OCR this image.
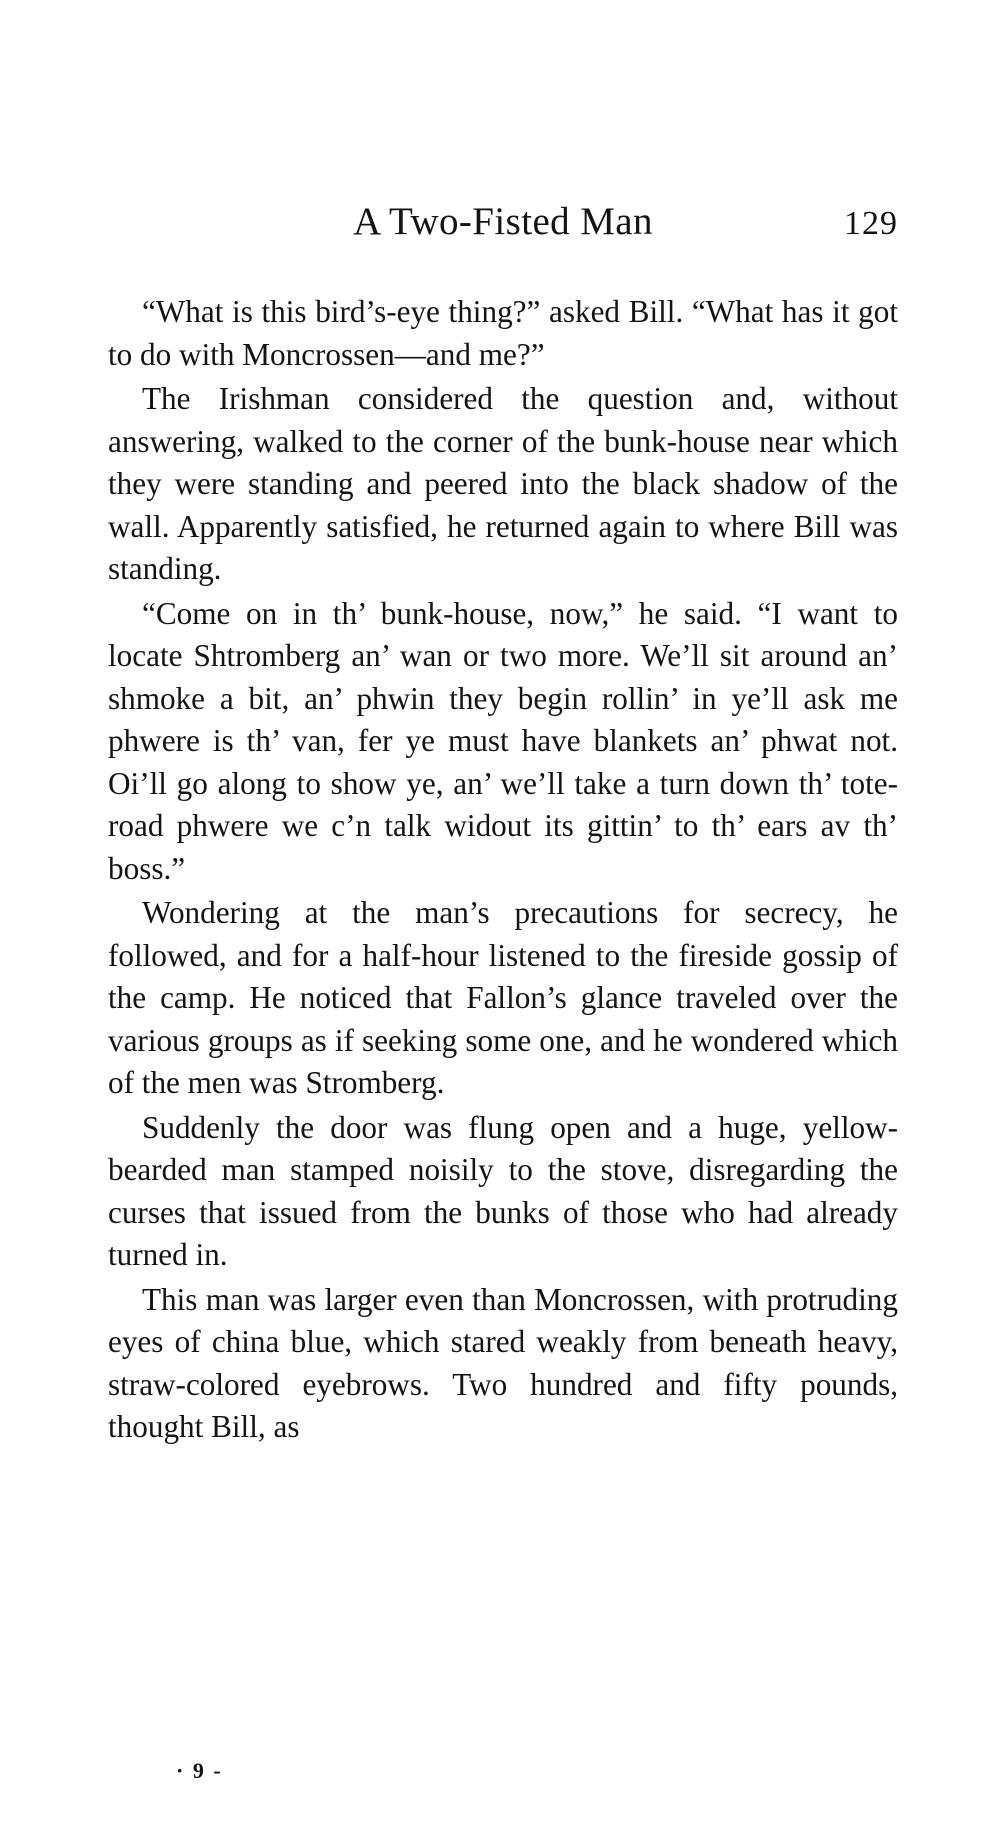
A Two-Fisted Man	129

“What is this bird’s-eye thing?” asked Bill. “What has it got to do with Moncrossen—and me?”

The Irishman considered the question and, without answering, walked to the corner of the bunk-house near which they were standing and peered into the black shadow of the wall. Apparently satisfied, he returned again to where Bill was standing.

“Come on in th’ bunk-house, now,” he said. “I want to locate Shtromberg an’ wan or two more. We’ll sit around an’ shmoke a bit, an’ phwin they begin rollin’ in ye’ll ask me phwere is th’ van, fer ye must have blankets an’ phwat not. Oi’ll go along to show ye, an’ we’ll take a turn down th’ tote-road phwere we c’n talk widout its gittin’ to th’ ears av th’ boss.”

Wondering at the man’s precautions for secrecy, he followed, and for a half-hour listened to the fireside gossip of the camp. He noticed that Fallon’s glance traveled over the various groups as if seeking some one, and he wondered which of the men was Stromberg.

Suddenly the door was flung open and a huge, yellow-bearded man stamped noisily to the stove, disregarding the curses that issued from the bunks of those who had already turned in.

This man was larger even than Moncrossen, with protruding eyes of china blue, which stared weakly from beneath heavy, straw-colored eyebrows. Two hundred and fifty pounds, thought Bill, as

· 9 ‐
